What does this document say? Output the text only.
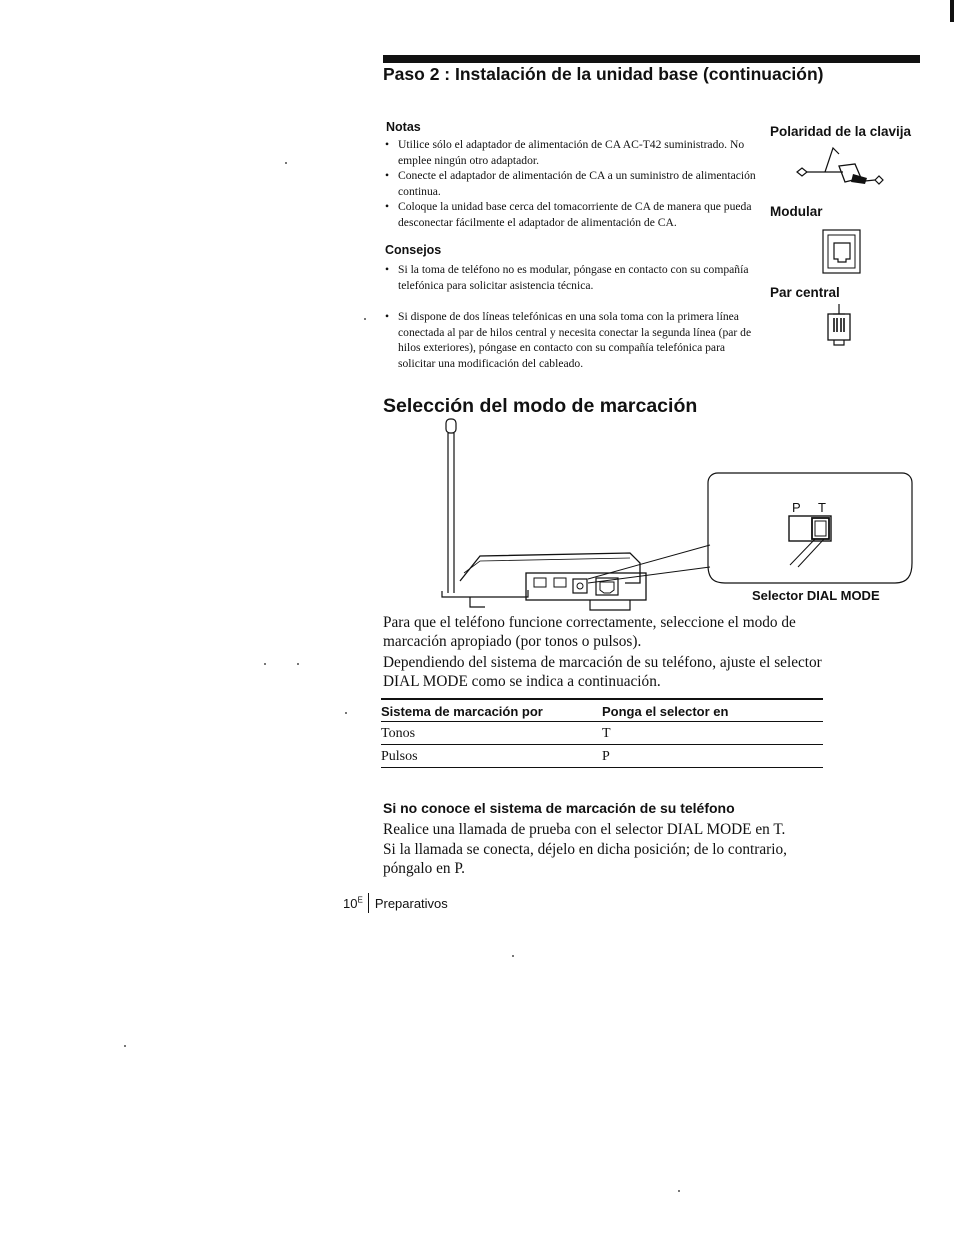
Paso 2 : Instalación de la unidad base (continuación)
Notas
• Utilice sólo el adaptador de alimentación de CA AC-T42 suministrado. No emplee ningún otro adaptador.
• Conecte el adaptador de alimentación de CA a un suministro de alimentación continua.
• Coloque la unidad base cerca del tomacorriente de CA de manera que pueda desconectar fácilmente el adaptador de alimentación de CA.
Consejos
• Si la toma de teléfono no es modular, póngase en contacto con su compañía telefónica para solicitar asistencia técnica.
• Si dispone de dos líneas telefónicas en una sola toma con la primera línea conectada al par de hilos central y necesita conectar la segunda línea (par de hilos exteriores), póngase en contacto con su compañía telefónica para solicitar una modificación del cableado.
Polaridad de la clavija
Modular
Par central
Selección del modo de marcación
P T
Selector DIAL MODE
Para que el teléfono funcione correctamente, seleccione el modo de marcación apropiado (por tonos o pulsos).
Dependiendo del sistema de marcación de su teléfono, ajuste el selector DIAL MODE como se indica a continuación.
Sistema de marcación por	Ponga el selector en
Tonos	T
Pulsos	P
Si no conoce el sistema de marcación de su teléfono
Realice una llamada de prueba con el selector DIAL MODE en T.
Si la llamada se conecta, déjelo en dicha posición; de lo contrario, póngalo en P.
$10^E$ Preparativos
